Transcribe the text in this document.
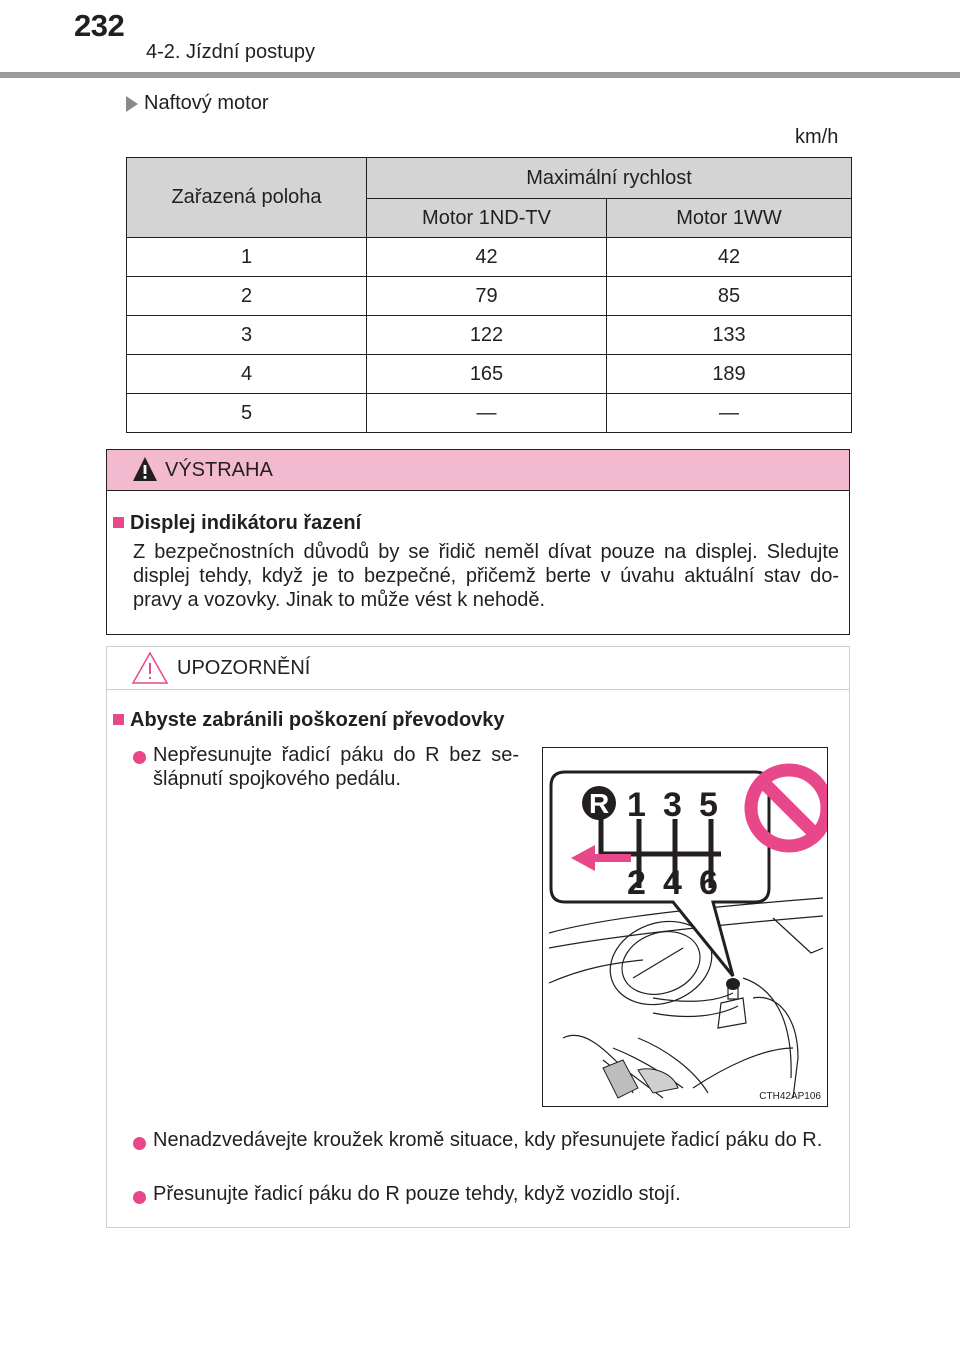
232
4-2. Jízdní postupy
Naftový motor
km/h
Zařazená poloha	Maximální rychlost	
	Motor 1ND-TV	Motor 1WW
1	42	42
2	79	85
3	122	133
4	165	189
5	—	—
VÝSTRAHA
Displej indikátoru řazení
Z bezpečnostních důvodů by se řidič neměl dívat pouze na displej. Sledujte displej tehdy, když je to bezpečné, přičemž berte v úvahu aktuální stav do-pravy a vozovky. Jinak to může vést k nehodě.
UPOZORNĚNÍ
Abyste zabránili poškození převodovky
Nepřesunujte řadicí páku do R bez se-šlápnutí spojkového pedálu.
Nenadzvedávejte kroužek kromě situace, kdy přesunujete řadicí páku do R.
Přesunujte řadicí páku do R pouze tehdy, když vozidlo stojí.
R 1 3 5
2 4 6
CTH42AP106
